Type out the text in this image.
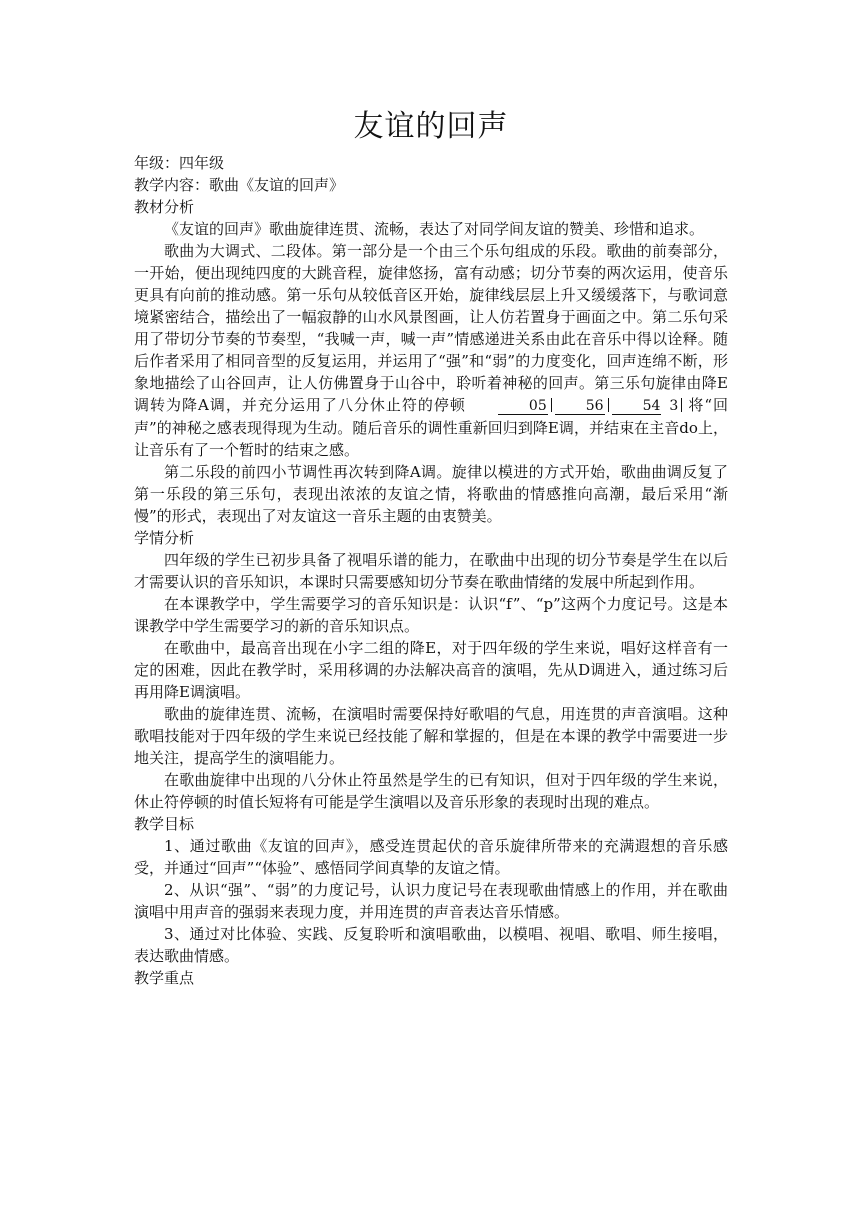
友谊的回声

年级：四年级

教学内容：歌曲《友谊的回声》

教材分析

《友谊的回声》歌曲旋律连贯、流畅，表达了对同学间友谊的赞美、珍惜和追求。

歌曲为大调式、二段体。第一部分是一个由三个乐句组成的乐段。歌曲的前奏部分，一开始，便出现纯四度的大跳音程，旋律悠扬，富有动感；切分节奏的两次运用，使音乐更具有向前的推动感。第一乐句从较低音区开始，旋律线层层上升又缓缓落下，与歌词意境紧密结合，描绘出了一幅寂静的山水风景图画，让人仿若置身于画面之中。第二乐句采用了带切分节奏的节奏型，“我喊一声，喊一声”情感递进关系由此在音乐中得以诠释。随后作者采用了相同音型的反复运用，并运用了“强”和“弱”的力度变化，回声连绵不断，形象地描绘了山谷回声，让人仿佛置身于山谷中，聆听着神秘的回声。第三乐句旋律由降E调转为降A调，并充分运用了八分休止符的停顿	05	56	54 3 将“回声”的神秘之感表现得现为生动。随后音乐的调性重新回归到降E调，并结束在主音do上，让音乐有了一个暂时的结束之感。

第二乐段的前四小节调性再次转到降A调。旋律以模进的方式开始，歌曲曲调反复了第一乐段的第三乐句，表现出浓浓的友谊之情，将歌曲的情感推向高潮，最后采用“渐慢”的形式，表现出了对友谊这一音乐主题的由衷赞美。

学情分析

四年级的学生已初步具备了视唱乐谱的能力，在歌曲中出现的切分节奏是学生在以后才需要认识的音乐知识，本课时只需要感知切分节奏在歌曲情绪的发展中所起到作用。

在本课教学中，学生需要学习的音乐知识是：认识“f”、“p”这两个力度记号。这是本课教学中学生需要学习的新的音乐知识点。

在歌曲中，最高音出现在小字二组的降E，对于四年级的学生来说，唱好这样音有一定的困难，因此在教学时，采用移调的办法解决高音的演唱，先从D调进入，通过练习后再用降E调演唱。

歌曲的旋律连贯、流畅，在演唱时需要保持好歌唱的气息，用连贯的声音演唱。这种歌唱技能对于四年级的学生来说已经技能了解和掌握的，但是在本课的教学中需要进一步地关注，提高学生的演唱能力。

在歌曲旋律中出现的八分休止符虽然是学生的已有知识，但对于四年级的学生来说，休止符停顿的时值长短将有可能是学生演唱以及音乐形象的表现时出现的难点。

教学目标

1、通过歌曲《友谊的回声》，感受连贯起伏的音乐旋律所带来的充满遐想的音乐感受，并通过“回声”“体验”、感悟同学间真挚的友谊之情。

2、从识“强”、“弱”的力度记号，认识力度记号在表现歌曲情感上的作用，并在歌曲演唱中用声音的强弱来表现力度，并用连贯的声音表达音乐情感。

3、通过对比体验、实践、反复聆听和演唱歌曲，以模唱、视唱、歌唱、师生接唱，表达歌曲情感。

教学重点
